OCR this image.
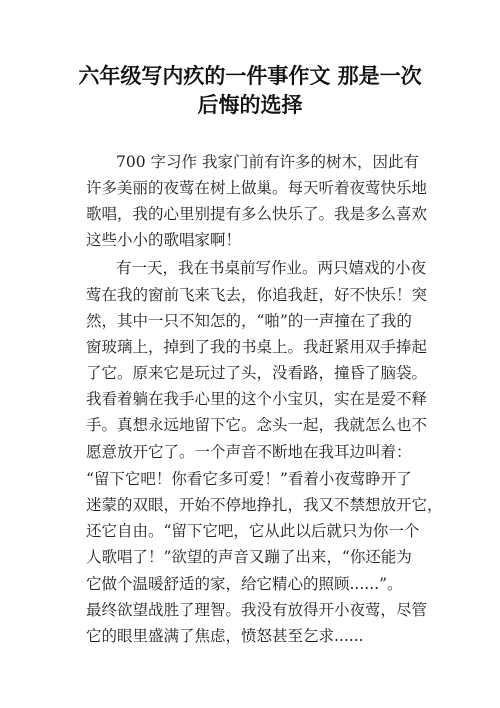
六年级写内疚的一件事作文 那是一次
后悔的选择

700 字习作 我家门前有许多的树木，因此有

许多美丽的夜莺在树上做巢。每天听着夜莺快乐地

歌唱，我的心里别提有多么快乐了。我是多么喜欢

这些小小的歌唱家啊！

有一天，我在书桌前写作业。两只嬉戏的小夜

莺在我的窗前飞来飞去，你追我赶，好不快乐！突

然，其中一只不知怎的，“啪”的一声撞在了我的

窗玻璃上，掉到了我的书桌上。我赶紧用双手捧起

了它。原来它是玩过了头，没看路，撞昏了脑袋。

我看着躺在我手心里的这个小宝贝，实在是爱不释

手。真想永远地留下它。念头一起，我就怎么也不

愿意放开它了。一个声音不断地在我耳边叫着：

“留下它吧！你看它多可爱！”看着小夜莺睁开了

迷蒙的双眼，开始不停地挣扎，我又不禁想放开它，

还它自由。“留下它吧，它从此以后就只为你一个

人歌唱了！”欲望的声音又蹦了出来，“你还能为

它做个温暖舒适的家，给它精心的照顾......”。

最终欲望战胜了理智。我没有放得开小夜莺，尽管

它的眼里盛满了焦虑，愤怒甚至乞求......
